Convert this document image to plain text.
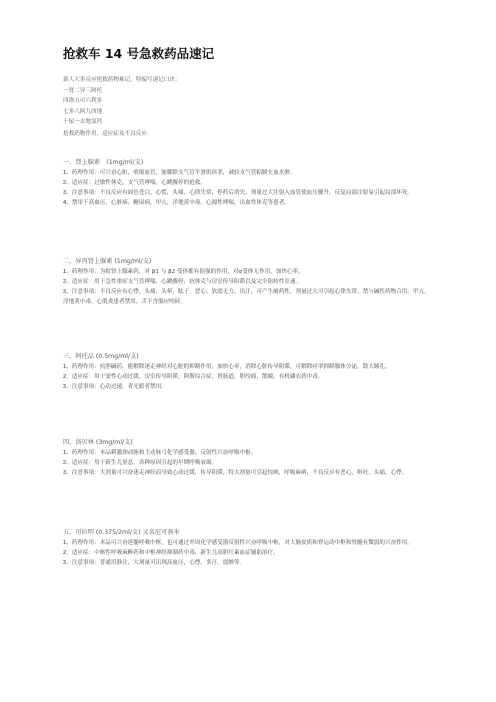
抢救车 14 号急救药品速记
新人大多反应抢救药物难记，特编写速记口诀：
一肾二异三阿托
四洛五可六利多
七多八阿九西地
十尿一去地氯钙
抢救药物作用、适应症及不良反应：
一、肾上腺素　(1mg/ml/支)
1、药理作用：可兴奋心脏，收缩血管，能解除支气管平滑肌痉挛，减轻支气管粘膜充血水肿。
2、适应症：过敏性休克，支气管哮喘，心跳骤停的抢救。
3、注意事项：不良反应有面色苍白，心慌，头痛，心律失常，停药后消失，剂量过大注射入血管使血压骤升，反复局部注射易引起局部坏死。
4、禁用于高血压，心脏病，糖尿病，甲亢，洋地黄中毒，心源性哮喘，出血性休克等患者。
二、异丙肾上腺素 (1mg/ml/支)
1、药理作用：为拟肾上腺素药，对 β1 与 β2 受体都有很强的作用，对α受体无作用，加快心率。
2、适应症：用于急性重症支气管哮喘，心跳骤停，抗休克与房室传导阻滞以及完全阻转性室速。
3、注意事项：不良反应有心悸，头痛，头晕，眩干，恶心，软弱无力，出汗，可产生耐药性，剂量过大可引起心律失常。禁与碱性药物合用。甲亢，洋地黄中毒，心肌炎患者禁用。舌下含服应咬碎。
三、阿托品 (0.5mg/ml/支)
1、药理作用：抗胆碱药，能解除迷走神经对心脏的抑制作用，加快心率，消除心脏传导阻滞，可解除痉挛抑制腺体分泌，散大瞳孔。
2、适应症：用于窦性心动过缓，房室传导阻滞，阿斯综合症，胃肠道，胆绞痛，散瞳，有机磷农药中毒。
3、注意事项：心动过速，青光眼者禁用。
四、洛贝林 (3mg/ml/支)
1、药理作用：本品刺激颈动脉和主动脉弓化学感受器，反射性兴奋呼吸中枢。
2、适应症：用于新生儿窒息，各种原因引起的早期呼吸衰竭。
3、注意事项：大剂量可兴奋迷走神经而导致心动过缓，传导阻滞，特大剂量可引起惊厥，呼吸麻痹，不良反应有恶心，呕吐，头痛，心悸。
五、可拉明 (0.375/2ml/支) 又名尼可刹米
1、药理作用：本品可兴奋延髓呼吸中枢，也可通过外周化学感受器反射性兴奋呼吸中枢，对大脑皮质和脊运动中枢和脊髓有微弱的兴奋作用。
2、适应症：中枢性呼吸麻醉药和中枢神经抑制药中毒，新生儿高胆红素血症辅助治疗。
3、注意事项：普通用静注，大剂量可出现高血压，心悸，多汗，震颤等。
